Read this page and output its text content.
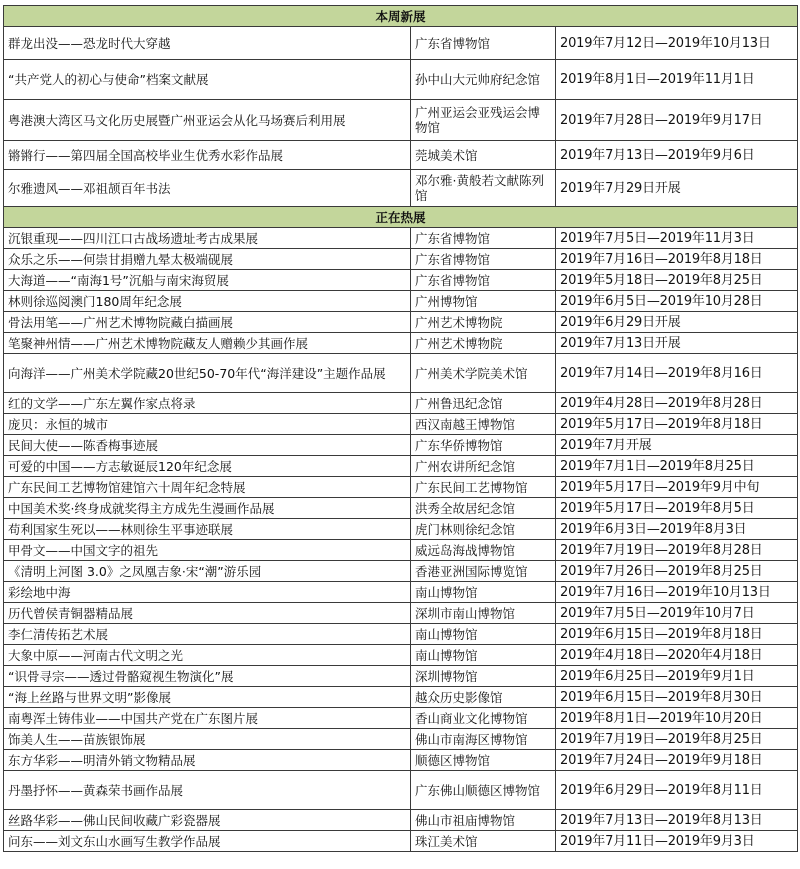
本周新展		
群龙出没——恐龙时代大穿越	广东省博物馆	2019年7月12日—2019年10月13日
“共产党人的初心与使命”档案文献展	孙中山大元帅府纪念馆	2019年8月1日—2019年11月1日
粤港澳大湾区马文化历史展暨广州亚运会从化马场赛后利用展	广州亚运会亚残运会博物馆	2019年7月28日—2019年9月17日
锵锵行——第四届全国高校毕业生优秀水彩作品展	莞城美术馆	2019年7月13日—2019年9月6日
尔雅遗风——邓祖颉百年书法	邓尔雅·黄般若文献陈列馆	2019年7月29日开展
正在热展		
沉银重现——四川江口古战场遗址考古成果展	广东省博物馆	2019年7月5日—2019年11月3日
众乐之乐——何崇甘捐赠九晕太极端砚展	广东省博物馆	2019年7月16日—2019年8月18日
大海道——“南海1号”沉船与南宋海贸展	广东省博物馆	2019年5月18日—2019年8月25日
林则徐巡阅澳门180周年纪念展	广州博物馆	2019年6月5日—2019年10月28日
骨法用笔——广州艺术博物院藏白描画展	广州艺术博物院	2019年6月29日开展
笔聚神州情——广州艺术博物院藏友人赠赖少其画作展	广州艺术博物院	2019年7月13日开展
向海洋——广州美术学院藏20世纪50-70年代“海洋建设”主题作品展	广州美术学院美术馆	2019年7月14日—2019年8月16日
红的文学——广东左翼作家点将录	广州鲁迅纪念馆	2019年4月28日—2019年8月28日
庞贝：永恒的城市	西汉南越王博物馆	2019年5月17日—2019年8月18日
民间大使——陈香梅事迹展	广东华侨博物馆	2019年7月开展
可爱的中国——方志敏诞辰120年纪念展	广州农讲所纪念馆	2019年7月1日—2019年8月25日
广东民间工艺博物馆建馆六十周年纪念特展	广东民间工艺博物馆	2019年5月17日—2019年9月中旬
中国美术奖·终身成就奖得主方成先生漫画作品展	洪秀全故居纪念馆	2019年5月17日—2019年8月5日
苟利国家生死以——林则徐生平事迹联展	虎门林则徐纪念馆	2019年6月3日—2019年8月3日
甲骨文——中国文字的祖先	威远岛海战博物馆	2019年7月19日—2019年8月28日
《清明上河图 3.0》之凤凰吉象·宋“潮”游乐园	香港亚洲国际博览馆	2019年7月26日—2019年8月25日
彩绘地中海	南山博物馆	2019年7月16日—2019年10月13日
历代曾侯青铜器精品展	深圳市南山博物馆	2019年7月5日—2019年10月7日
李仁清传拓艺术展	南山博物馆	2019年6月15日—2019年8月18日
大象中原——河南古代文明之光	南山博物馆	2019年4月18日—2020年4月18日
“识骨寻宗——透过骨骼窥视生物演化”展	深圳博物馆	2019年6月25日—2019年9月1日
“海上丝路与世界文明”影像展	越众历史影像馆	2019年6月15日—2019年8月30日
南粤浑土铸伟业——中国共产党在广东图片展	香山商业文化博物馆	2019年8月1日—2019年10月20日
饰美人生——苗族银饰展	佛山市南海区博物馆	2019年7月19日—2019年8月25日
东方华彩——明清外销文物精品展	顺德区博物馆	2019年7月24日—2019年9月18日
丹墨抒怀——黄森荣书画作品展	广东佛山顺德区博物馆	2019年6月29日—2019年8月11日
丝路华彩——佛山民间收藏广彩瓷器展	佛山市祖庙博物馆	2019年7月13日—2019年8月13日
问东——刘文东山水画写生教学作品展	珠江美术馆	2019年7月11日—2019年9月3日
